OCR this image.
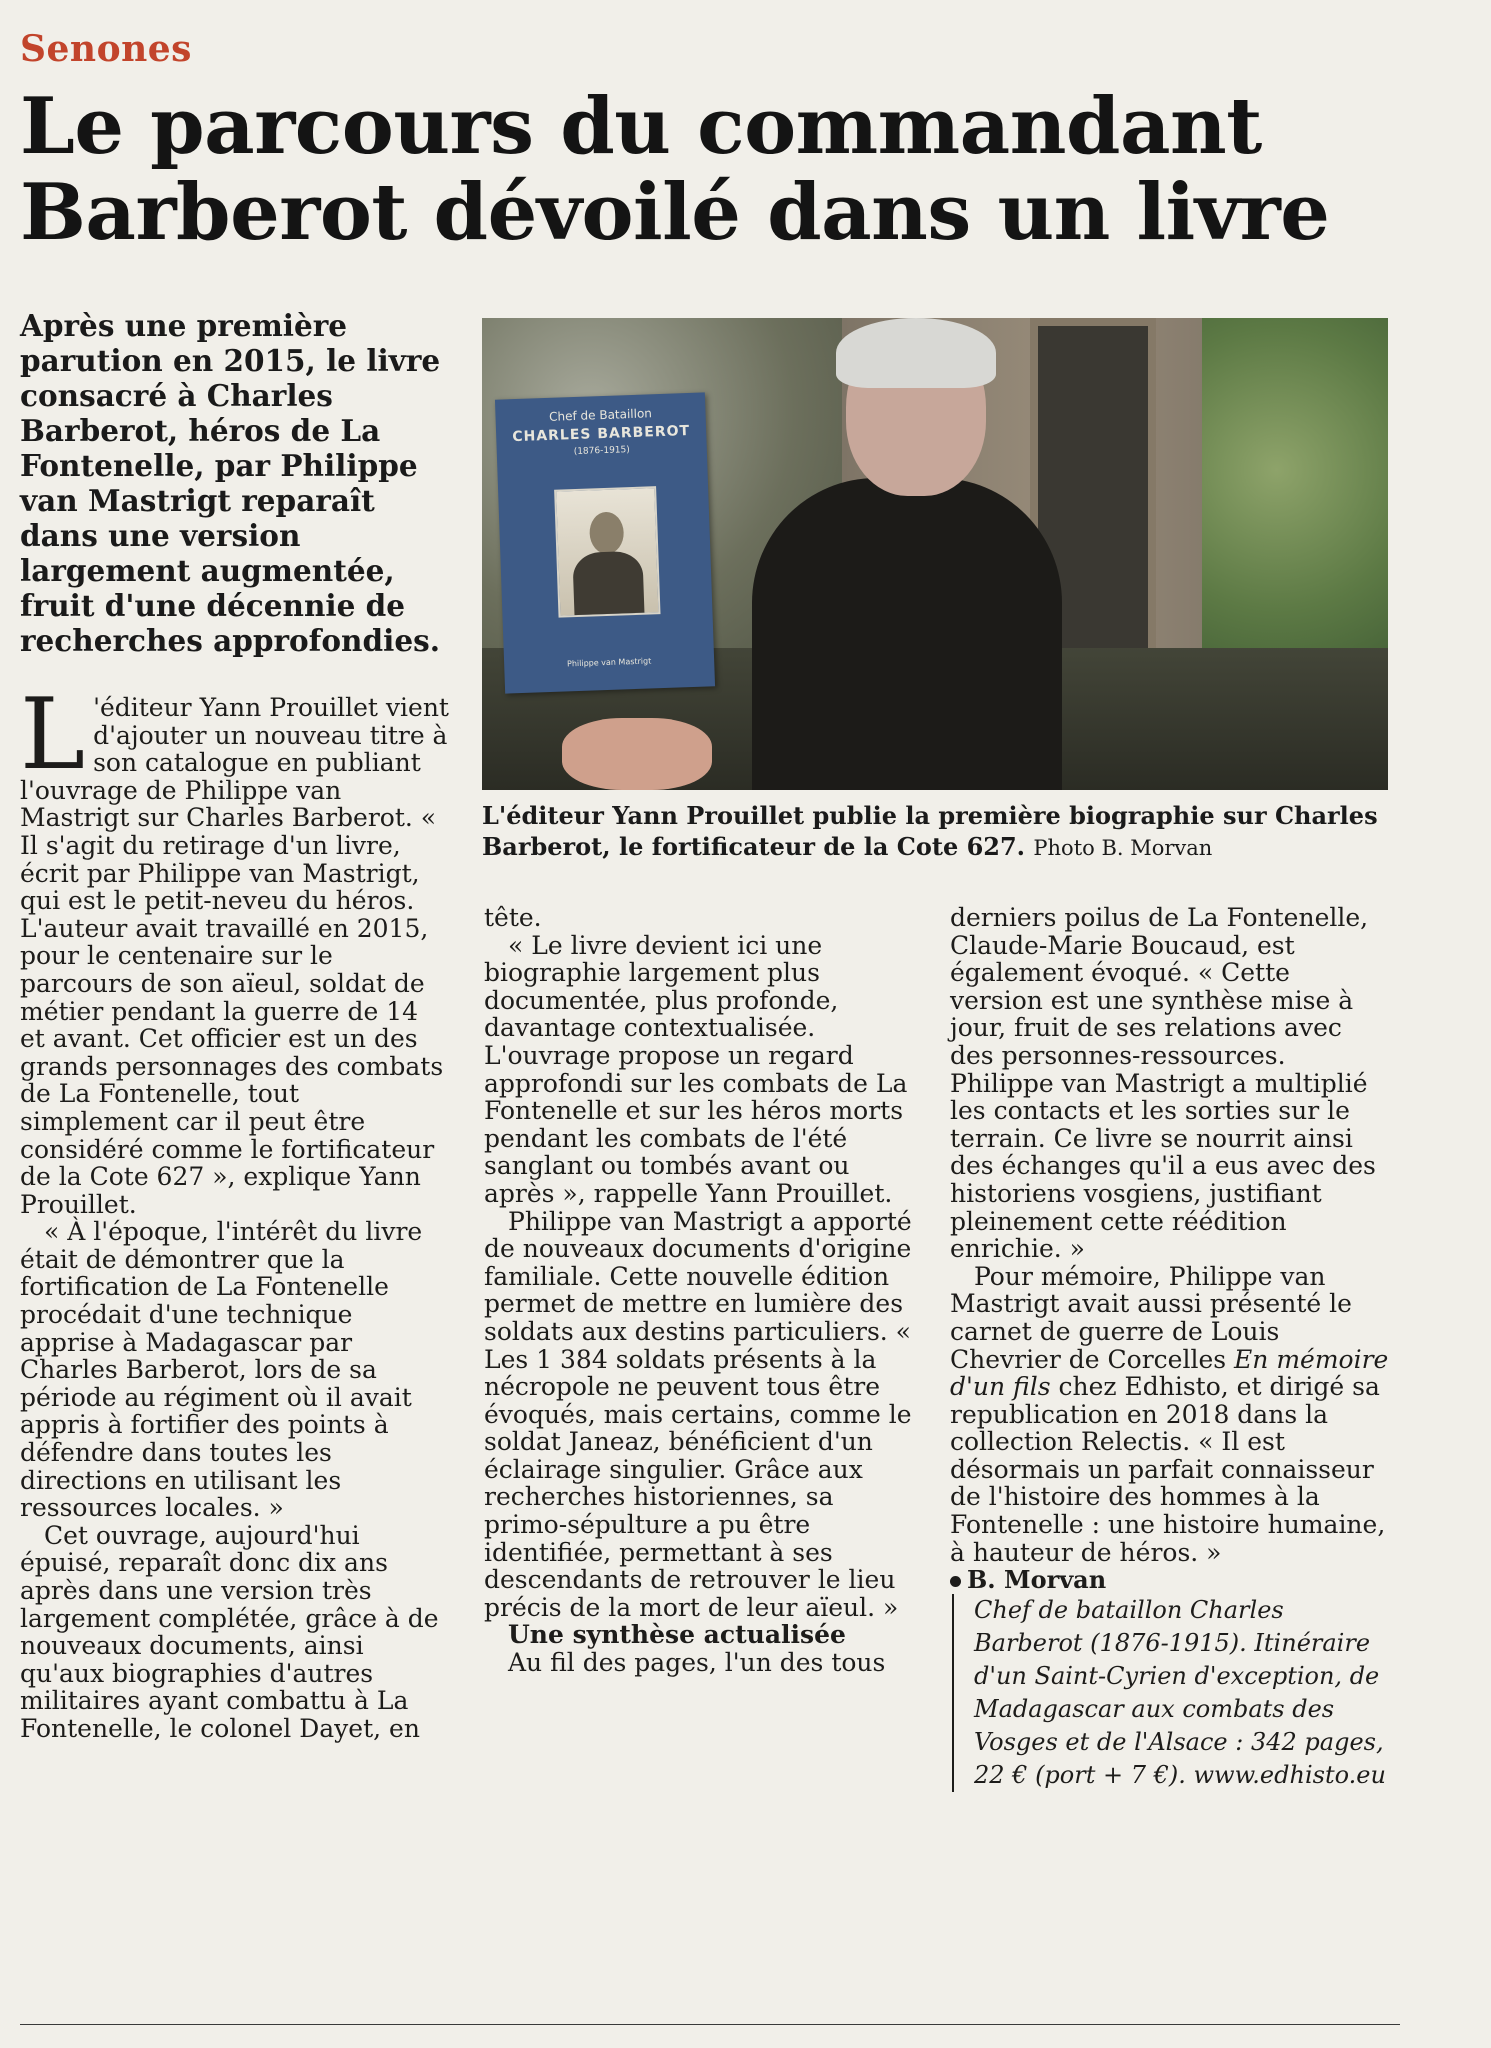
Senones
Le parcours du commandant
Barberot dévoilé dans un livre
Après une première parution en 2015, le livre consacré à Charles Barberot, héros de La Fontenelle, par Philippe van Mastrigt reparaît dans une version largement augmentée, fruit d'une décennie de recherches approfondies.
Chef de Bataillon
CHARLES BARBEROT
(1876-1915)
Philippe van Mastrigt
L'éditeur Yann Prouillet publie la première biographie sur Charles Barberot, le fortificateur de la Cote 627. Photo B. Morvan

L 'éditeur Yann Prouillet vient d'ajouter un nouveau titre à son catalogue en publiant l'ouvrage de Philippe van Mastrigt sur Charles Barberot. « Il s'agit du retirage d'un livre, écrit par Philippe van Mastrigt, qui est le petit-neveu du héros. L'auteur avait travaillé en 2015, pour le centenaire sur le parcours de son aïeul, soldat de métier pendant la guerre de 14 et avant. Cet officier est un des grands personnages des combats de La Fontenelle, tout simplement car il peut être considéré comme le fortificateur de la Cote 627 », explique Yann Prouillet.

« À l'époque, l'intérêt du livre était de démontrer que la fortification de La Fontenelle procédait d'une technique apprise à Madagascar par Charles Barberot, lors de sa période au régiment où il avait appris à fortifier des points à défendre dans toutes les directions en utilisant les ressources locales. »

Cet ouvrage, aujourd'hui épuisé, reparaît donc dix ans après dans une version très largement complétée, grâce à de nouveaux documents, ainsi qu'aux biographies d'autres militaires ayant combattu à La Fontenelle, le colonel Dayet, en

tête.

« Le livre devient ici une biographie largement plus documentée, plus profonde, davantage contextualisée. L'ouvrage propose un regard approfondi sur les combats de La Fontenelle et sur les héros morts pendant les combats de l'été sanglant ou tombés avant ou après », rappelle Yann Prouillet.

Philippe van Mastrigt a apporté de nouveaux documents d'origine familiale. Cette nouvelle édition permet de mettre en lumière des soldats aux destins particuliers. « Les 1 384 soldats présents à la nécropole ne peuvent tous être évoqués, mais certains, comme le soldat Janeaz, bénéficient d'un éclairage singulier. Grâce aux recherches historiennes, sa primo-sépulture a pu être identifiée, permettant à ses descendants de retrouver le lieu précis de la mort de leur aïeul. »

Une synthèse actualisée

Au fil des pages, l'un des tous

derniers poilus de La Fontenelle, Claude-Marie Boucaud, est également évoqué. « Cette version est une synthèse mise à jour, fruit de ses relations avec des personnes-ressources. Philippe van Mastrigt a multiplié les contacts et les sorties sur le terrain. Ce livre se nourrit ainsi des échanges qu'il a eus avec des historiens vosgiens, justifiant pleinement cette réédition enrichie. »

Pour mémoire, Philippe van Mastrigt avait aussi présenté le carnet de guerre de Louis Chevrier de Corcelles En mémoire d'un fils chez Edhisto, et dirigé sa republication en 2018 dans la collection Relectis. « Il est désormais un parfait connaisseur de l'histoire des hommes à la Fontenelle : une histoire humaine, à hauteur de héros. »

B. Morvan

Chef de bataillon Charles Barberot (1876-1915). Itinéraire d'un Saint-Cyrien d'exception, de Madagascar aux combats des Vosges et de l'Alsace : 342 pages, 22 € (port + 7 €). www.edhisto.eu
